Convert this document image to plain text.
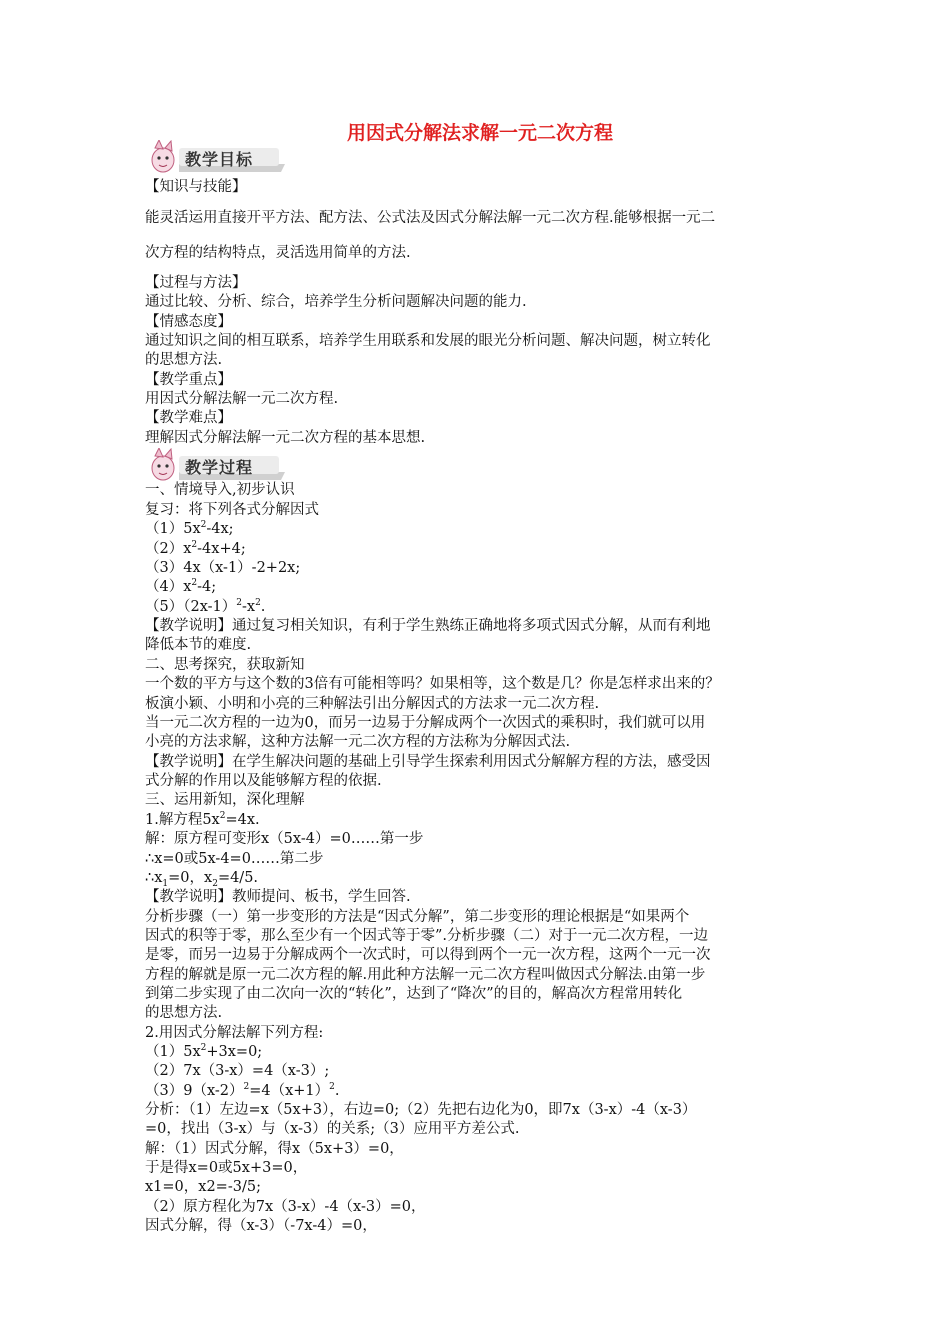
用因式分解法求解一元二次方程
教学目标
教学过程
【知识与技能】
能灵活运用直接开平方法、配方法、公式法及因式分解法解一元二次方程.能够根据一元二
次方程的结构特点，灵活选用简单的方法.
【过程与方法】
通过比较、分析、综合，培养学生分析问题解决问题的能力.
【情感态度】
通过知识之间的相互联系，培养学生用联系和发展的眼光分析问题、解决问题，树立转化
的思想方法.
【教学重点】
用因式分解法解一元二次方程.
【教学难点】
理解因式分解法解一元二次方程的基本思想.
一、情境导入,初步认识
复习：将下列各式分解因式
$(1)5x^2-4x$;
$(2)x^2-4x+4$;
（3）4x（x-1）-2+2x;
$(4)x^2-4$;
$(5)(2x-1)^2-x^2$.
【教学说明】通过复习相关知识，有利于学生熟练正确地将多项式因式分解，从而有利地
降低本节的难度.
二、思考探究，获取新知
一个数的平方与这个数的3倍有可能相等吗？如果相等，这个数是几？你是怎样求出来的？
板演小颖、小明和小亮的三种解法引出分解因式的方法求一元二次方程.
当一元二次方程的一边为0，而另一边易于分解成两个一次因式的乘积时，我们就可以用
小亮的方法求解，这种方法解一元二次方程的方法称为分解因式法.
【教学说明】在学生解决问题的基础上引导学生探索利用因式分解解方程的方法，感受因
式分解的作用以及能够解方程的依据.
三、运用新知，深化理解
1.解方程$5x^2=4x$.
解：原方程可变形x（5x-4）=0……第一步
∴x=0或5x-4=0……第二步
$\therefore x_1=0$，$x_2=4/5$.
【教学说明】教师提问、板书，学生回答.
分析步骤（一）第一步变形的方法是“因式分解”，第二步变形的理论根据是“如果两个
因式的积等于零，那么至少有一个因式等于零”.分析步骤（二）对于一元二次方程，一边
是零，而另一边易于分解成两个一次式时，可以得到两个一元一次方程，这两个一元一次
方程的解就是原一元二次方程的解.用此种方法解一元二次方程叫做因式分解法.由第一步
到第二步实现了由二次向一次的“转化”，达到了“降次”的目的，解高次方程常用转化
的思想方法.
2.用因式分解法解下列方程:
$(1)5x^2+3x=0$;
（2）7x（3-x）=4（x-3）;
$(3)9(x-2)^2=4(x+1)^2$.
分析：（1）左边=x（5x+3），右边=0;（2）先把右边化为0，即7x（3-x）-4（x-3）
=0，找出（3-x）与（x-3）的关系;（3）应用平方差公式.
解：（1）因式分解，得x（5x+3）=0，
于是得x=0或5x+3=0，
x1=0，x2=-3/5;
（2）原方程化为7x（3-x）-4（x-3）=0，
因式分解，得（x-3）（-7x-4）=0，
